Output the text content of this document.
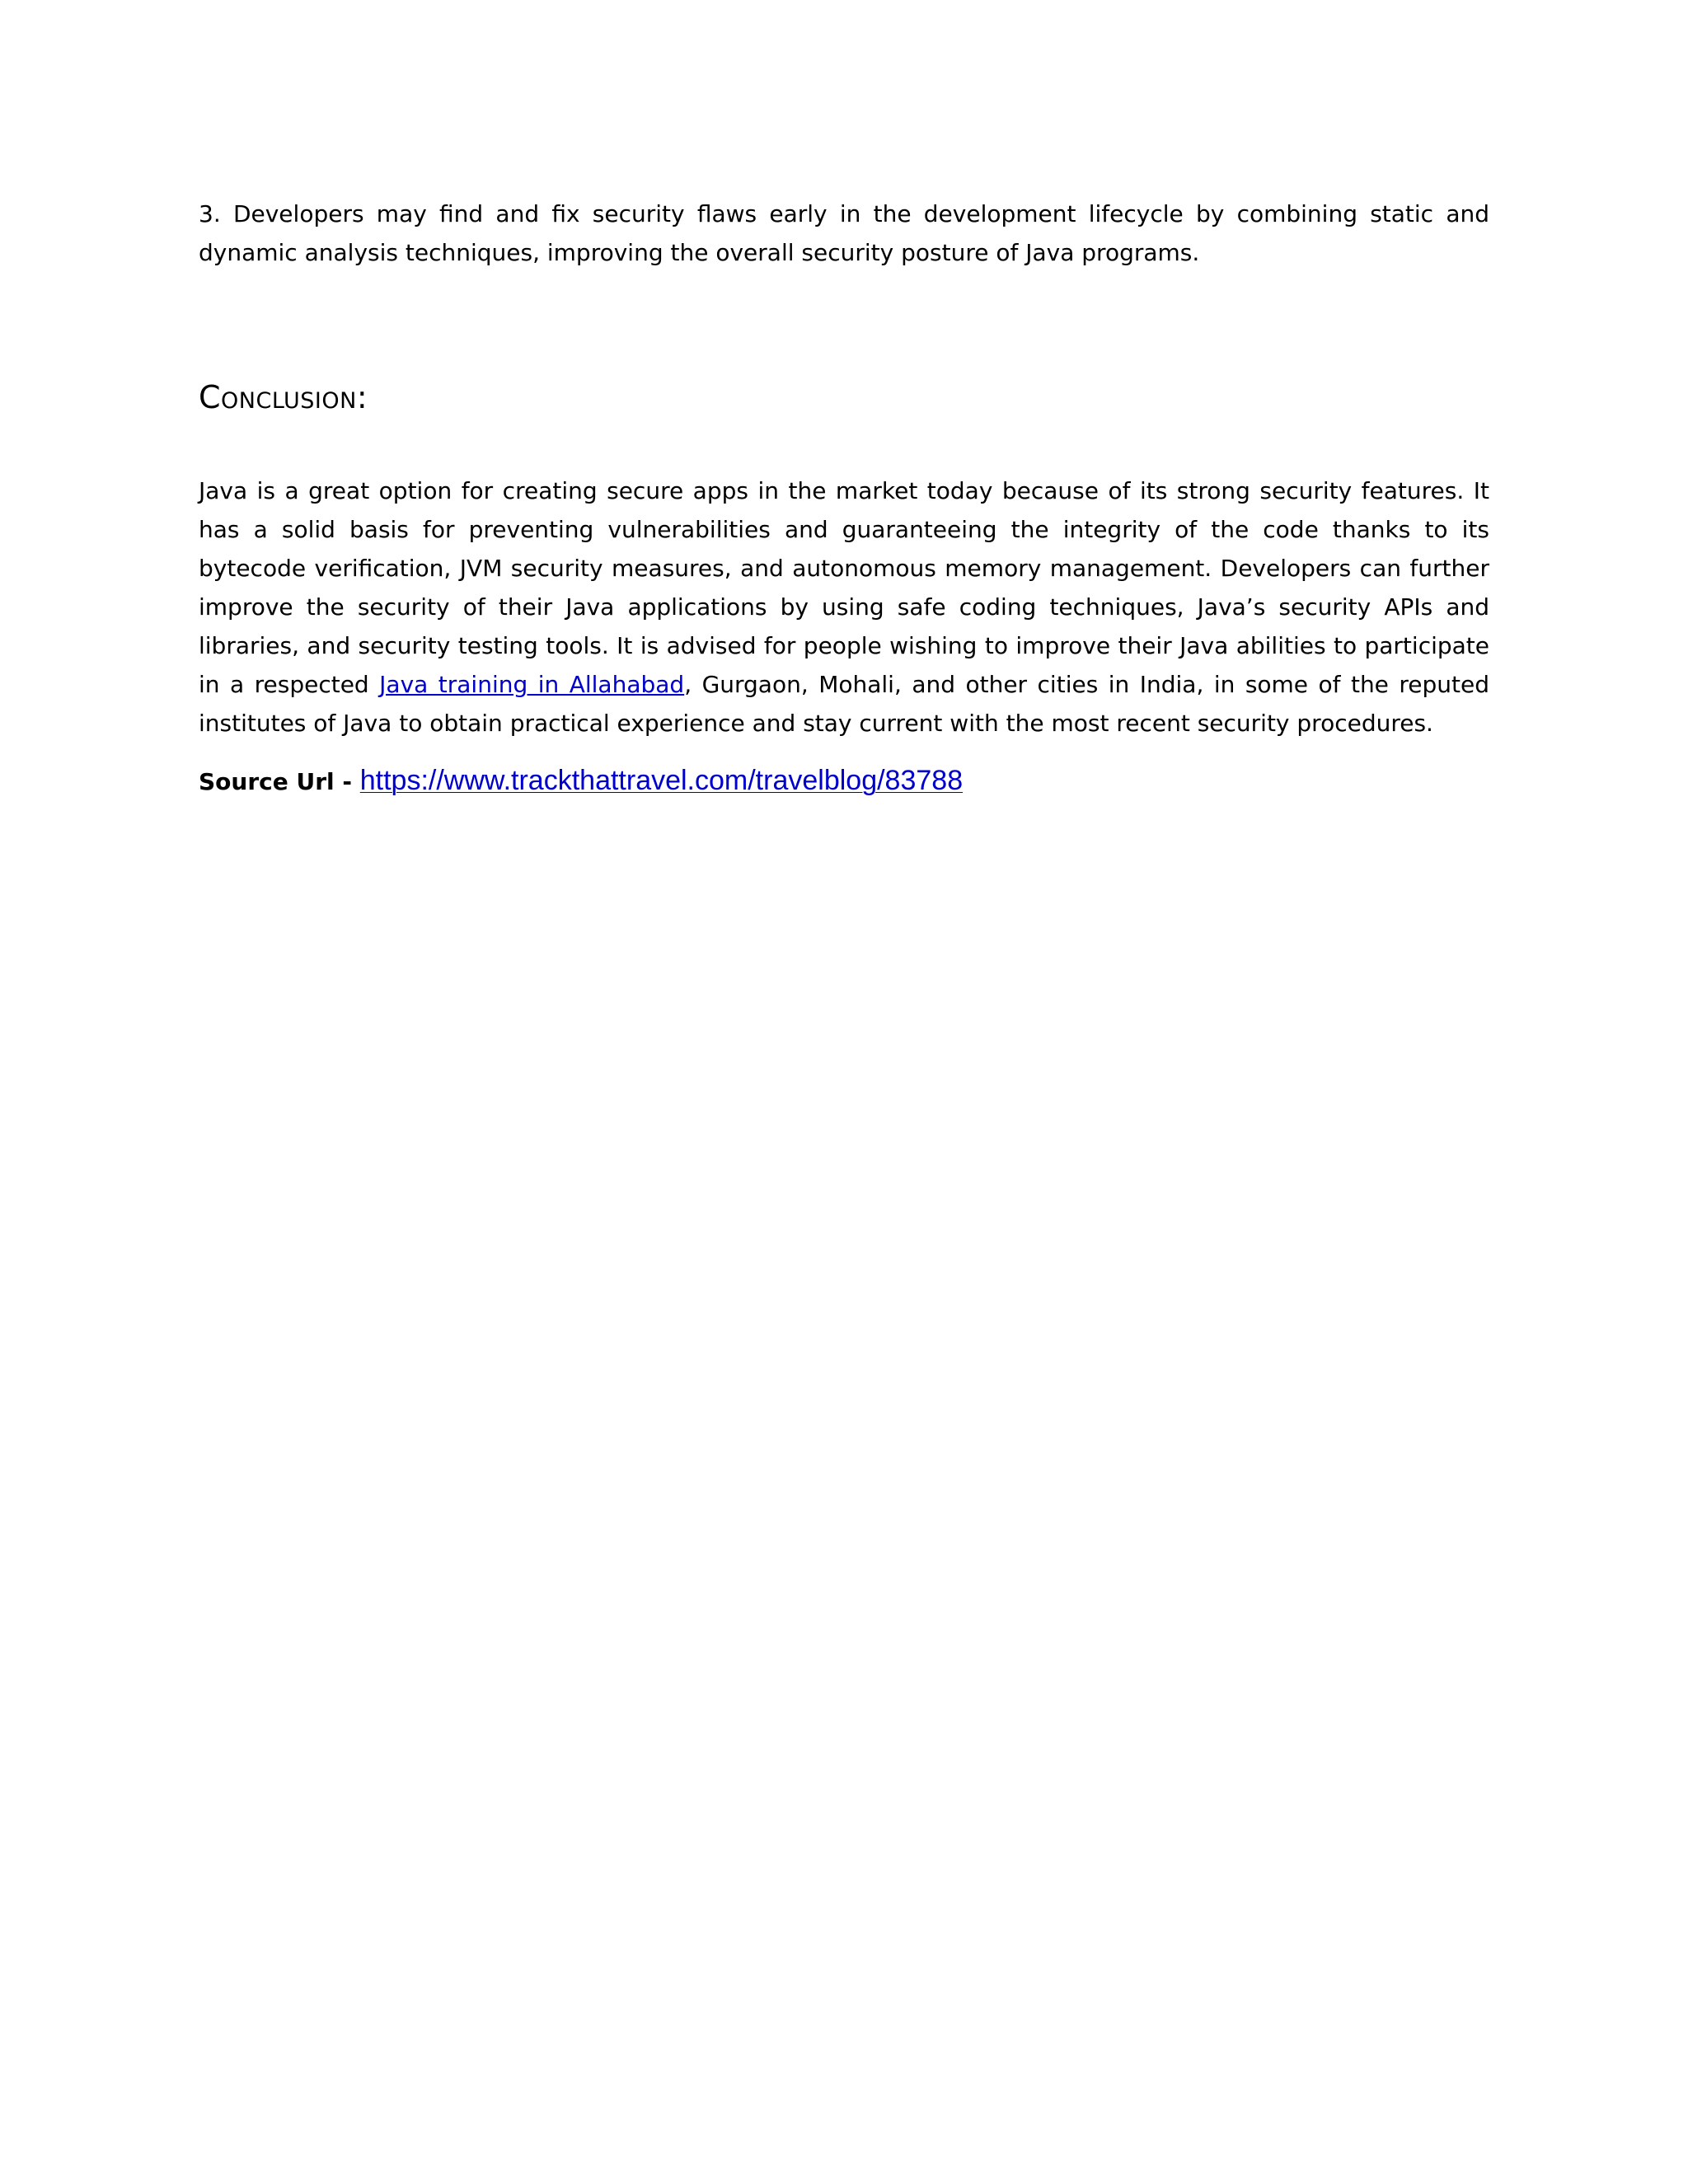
3. Developers may find and fix security flaws early in the development lifecycle by combining static and dynamic analysis techniques, improving the overall security posture of Java programs.

Conclusion:

Java is a great option for creating secure apps in the market today because of its strong security features. It has a solid basis for preventing vulnerabilities and guaranteeing the integrity of the code thanks to its bytecode verification, JVM security measures, and autonomous memory management. Developers can further improve the security of their Java applications by using safe coding techniques, Java’s security APIs and libraries, and security testing tools. It is advised for people wishing to improve their Java abilities to participate in a respected Java training in Allahabad, Gurgaon, Mohali, and other cities in India, in some of the reputed institutes of Java to obtain practical experience and stay current with the most recent security procedures.

Source Url - https://www.trackthattravel.com/travelblog/83788
